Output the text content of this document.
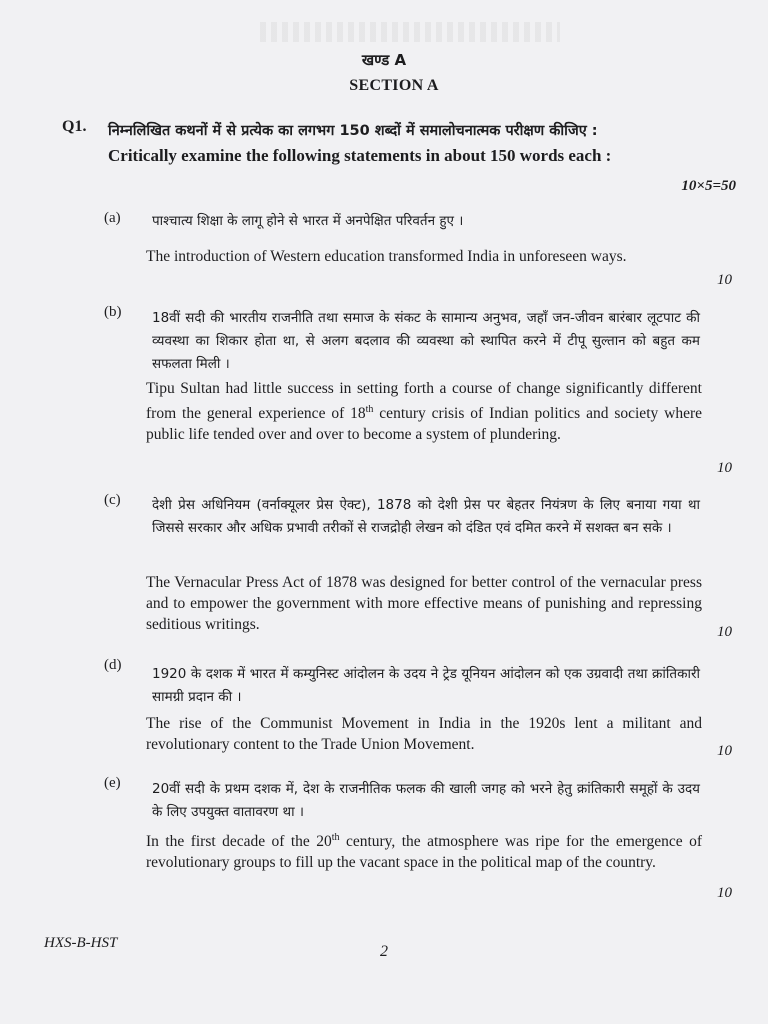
खण्ड A
SECTION A
Q1. निम्नलिखित कथनों में से प्रत्येक का लगभग 150 शब्दों में समालोचनात्मक परीक्षण कीजिए :
Critically examine the following statements in about 150 words each :
10×5=50
(a) पाश्चात्य शिक्षा के लागू होने से भारत में अनपेक्षित परिवर्तन हुए ।
The introduction of Western education transformed India in unforeseen ways.
10
(b) 18वीं सदी की भारतीय राजनीति तथा समाज के संकट के सामान्य अनुभव, जहाँ जन-जीवन बारंबार लूटपाट की व्यवस्था का शिकार होता था, से अलग बदलाव की व्यवस्था को स्थापित करने में टीपू सुल्तान को बहुत कम सफलता मिली ।
Tipu Sultan had little success in setting forth a course of change significantly different from the general experience of 18th century crisis of Indian politics and society where public life tended over and over to become a system of plundering.
10
(c) देशी प्रेस अधिनियम (वर्नाक्यूलर प्रेस ऐक्ट), 1878 को देशी प्रेस पर बेहतर नियंत्रण के लिए बनाया गया था जिससे सरकार और अधिक प्रभावी तरीकों से राजद्रोही लेखन को दंडित एवं दमित करने में सशक्त बन सके ।
The Vernacular Press Act of 1878 was designed for better control of the vernacular press and to empower the government with more effective means of punishing and repressing seditious writings.	10
(d)
1920 के दशक में भारत में कम्युनिस्ट आंदोलन के उदय ने ट्रेड यूनियन आंदोलन को एक उग्रवादी तथा क्रांतिकारी सामग्री प्रदान की ।
The rise of the Communist Movement in India in the 1920s lent a militant and revolutionary content to the Trade Union Movement.	10
(e) 20वीं सदी के प्रथम दशक में, देश के राजनीतिक फलक की खाली जगह को भरने हेतु क्रांतिकारी समूहों के उदय के लिए उपयुक्त वातावरण था ।
In the first decade of the 20th century, the atmosphere was ripe for the emergence of revolutionary groups to fill up the vacant space in the political map of the country.
10
HXS-B-HST	2
